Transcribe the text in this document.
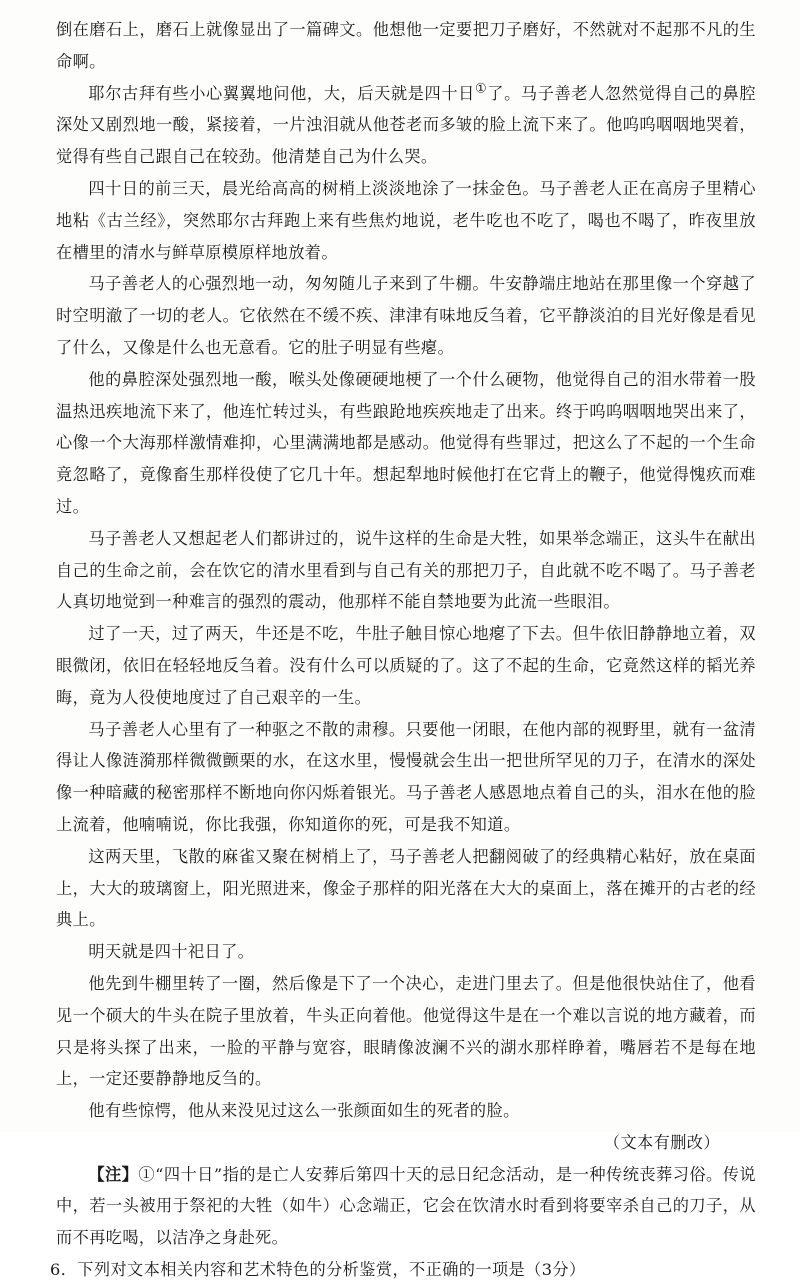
倒在磨石上，磨石上就像显出了一篇碑文。他想他一定要把刀子磨好，不然就对不起那不凡的生命啊。

耶尔古拜有些小心翼翼地问他，大，后天就是四十日①了。马子善老人忽然觉得自己的鼻腔深处又剧烈地一酸，紧接着，一片浊泪就从他苍老而多皱的脸上流下来了。他呜呜咽咽地哭着，觉得有些自己跟自己在较劲。他清楚自己为什么哭。

四十日的前三天，晨光给高高的树梢上淡淡地涂了一抹金色。马子善老人正在高房子里精心地粘《古兰经》，突然耶尔古拜跑上来有些焦灼地说，老牛吃也不吃了，喝也不喝了，昨夜里放在槽里的清水与鲜草原模原样地放着。

马子善老人的心强烈地一动，匆匆随儿子来到了牛棚。牛安静端庄地站在那里像一个穿越了时空明澈了一切的老人。它依然在不缓不疾、津津有味地反刍着，它平静淡泊的目光好像是看见了什么，又像是什么也无意看。它的肚子明显有些瘪。

他的鼻腔深处强烈地一酸，喉头处像硬硬地梗了一个什么硬物，他觉得自己的泪水带着一股温热迅疾地流下来了，他连忙转过头，有些踉跄地疾疾地走了出来。终于呜呜咽咽地哭出来了，心像一个大海那样激情难抑，心里满满地都是感动。他觉得有些罪过，把这么了不起的一个生命竟忽略了，竟像畜生那样役使了它几十年。想起犁地时候他打在它背上的鞭子，他觉得愧疚而难过。

马子善老人又想起老人们都讲过的，说牛这样的生命是大牲，如果举念端正，这头牛在献出自己的生命之前，会在饮它的清水里看到与自己有关的那把刀子，自此就不吃不喝了。马子善老人真切地觉到一种难言的强烈的震动，他那样不能自禁地要为此流一些眼泪。

过了一天，过了两天，牛还是不吃，牛肚子触目惊心地瘪了下去。但牛依旧静静地立着，双眼微闭，依旧在轻轻地反刍着。没有什么可以质疑的了。这了不起的生命，它竟然这样的韬光养晦，竟为人役使地度过了自己艰辛的一生。

马子善老人心里有了一种驱之不散的肃穆。只要他一闭眼，在他内部的视野里，就有一盆清得让人像涟漪那样微微颤栗的水，在这水里，慢慢就会生出一把世所罕见的刀子，在清水的深处像一种暗藏的秘密那样不断地向你闪烁着银光。马子善老人感恩地点着自己的头，泪水在他的脸上流着，他喃喃说，你比我强，你知道你的死，可是我不知道。

这两天里，飞散的麻雀又聚在树梢上了，马子善老人把翻阅破了的经典精心粘好，放在桌面上，大大的玻璃窗上，阳光照进来，像金子那样的阳光落在大大的桌面上，落在摊开的古老的经典上。

明天就是四十祀日了。

他先到牛棚里转了一圈，然后像是下了一个决心，走进门里去了。但是他很快站住了，他看见一个硕大的牛头在院子里放着，牛头正向着他。他觉得这牛是在一个难以言说的地方藏着，而只是将头探了出来，一脸的平静与宽容，眼睛像波澜不兴的湖水那样睁着，嘴唇若不是每在地上，一定还要静静地反刍的。

他有些惊愕，他从来没见过这么一张颜面如生的死者的脸。

（文本有删改）

【注】①“四十日”指的是亡人安葬后第四十天的忌日纪念活动，是一种传统丧葬习俗。传说中，若一头被用于祭祀的大牲（如牛）心念端正，它会在饮清水时看到将要宰杀自己的刀子，从而不再吃喝，以洁净之身赴死。

6．下列对文本相关内容和艺术特色的分析鉴赏，不正确的一项是（3分）
